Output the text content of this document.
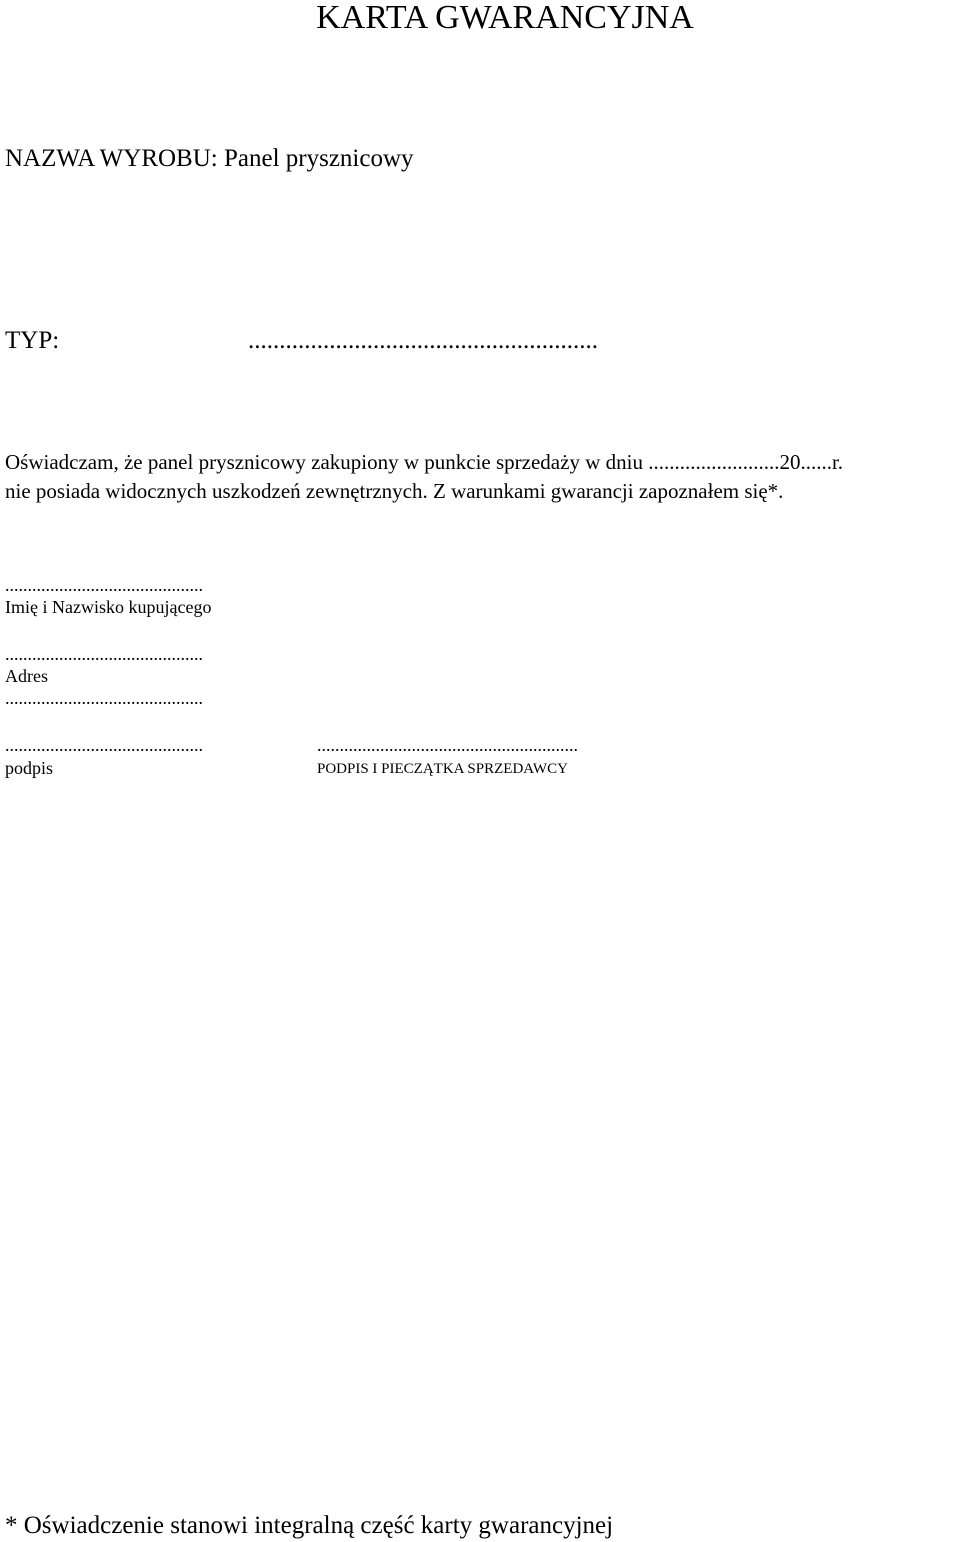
KARTA GWARANCYJNA
NAZWA WYROBU: Panel prysznicowy
TYP:	........................................................
Oświadczam, że panel prysznicowy zakupiony w punkcie sprzedaży w dniu .........................20......r.
nie posiada widocznych uszkodzeń zewnętrznych. Z warunkami gwarancji zapoznałem się*.
............................................
Imię i Nazwisko kupującego
............................................
Adres
............................................
............................................
podpis
..........................................................
PODPIS I PIECZĄTKA SPRZEDAWCY
* Oświadczenie stanowi integralną część karty gwarancyjnej
